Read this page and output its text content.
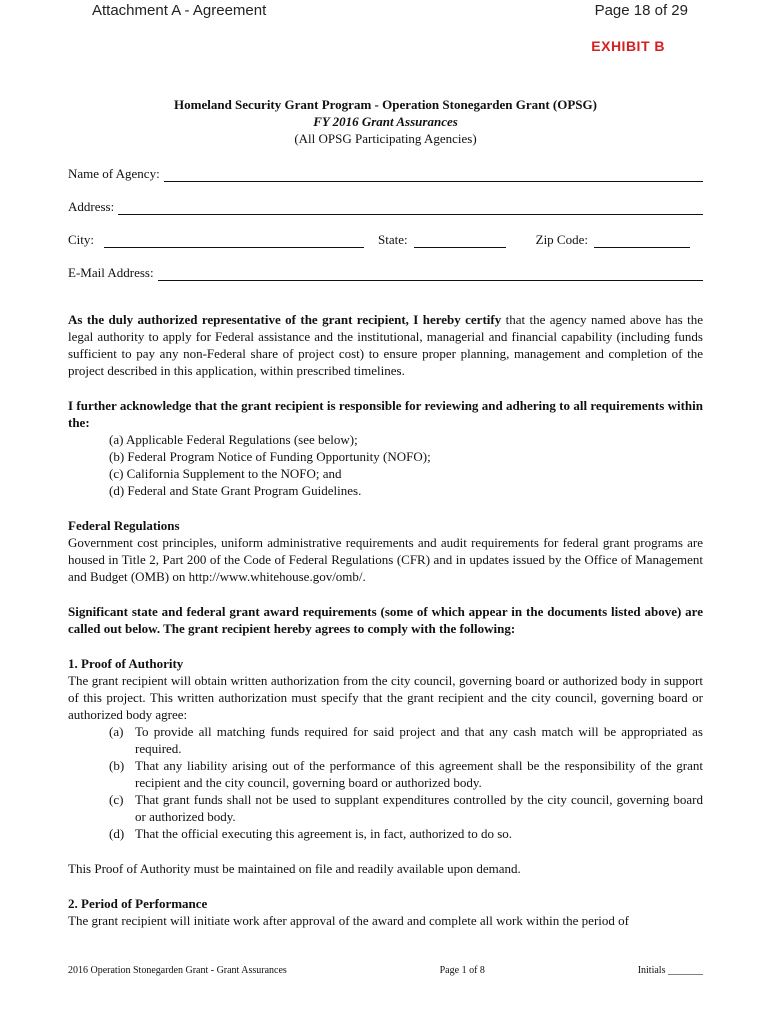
Attachment A - Agreement	Page 18 of 29
EXHIBIT B
Homeland Security Grant Program - Operation Stonegarden Grant (OPSG)
FY 2016 Grant Assurances
(All OPSG Participating Agencies)
Name of Agency:
Address:
City:	State:	Zip Code:
E-Mail Address:

As the duly authorized representative of the grant recipient, I hereby certify that the agency named above has the legal authority to apply for Federal assistance and the institutional, managerial and financial capability (including funds sufficient to pay any non-Federal share of project cost) to ensure proper planning, management and completion of the project described in this application, within prescribed timelines.

I further acknowledge that the grant recipient is responsible for reviewing and adhering to all requirements within the:

(a) Applicable Federal Regulations (see below);
(b) Federal Program Notice of Funding Opportunity (NOFO);
(c) California Supplement to the NOFO; and
(d) Federal and State Grant Program Guidelines.

Federal Regulations

Government cost principles, uniform administrative requirements and audit requirements for federal grant programs are housed in Title 2, Part 200 of the Code of Federal Regulations (CFR) and in updates issued by the Office of Management and Budget (OMB) on http://www.whitehouse.gov/omb/.

Significant state and federal grant award requirements (some of which appear in the documents listed above) are called out below. The grant recipient hereby agrees to comply with the following:

1. Proof of Authority

The grant recipient will obtain written authorization from the city council, governing board or authorized body in support of this project. This written authorization must specify that the grant recipient and the city council, governing board or authorized body agree:

(a) To provide all matching funds required for said project and that any cash match will be appropriated as required.
(b) That any liability arising out of the performance of this agreement shall be the responsibility of the grant recipient and the city council, governing board or authorized body.
(c) That grant funds shall not be used to supplant expenditures controlled by the city council, governing board or authorized body.
(d) That the official executing this agreement is, in fact, authorized to do so.

This Proof of Authority must be maintained on file and readily available upon demand.

2. Period of Performance

The grant recipient will initiate work after approval of the award and complete all work within the period of

2016 Operation Stonegarden Grant - Grant Assurances	Page 1 of 8	Initials _______
